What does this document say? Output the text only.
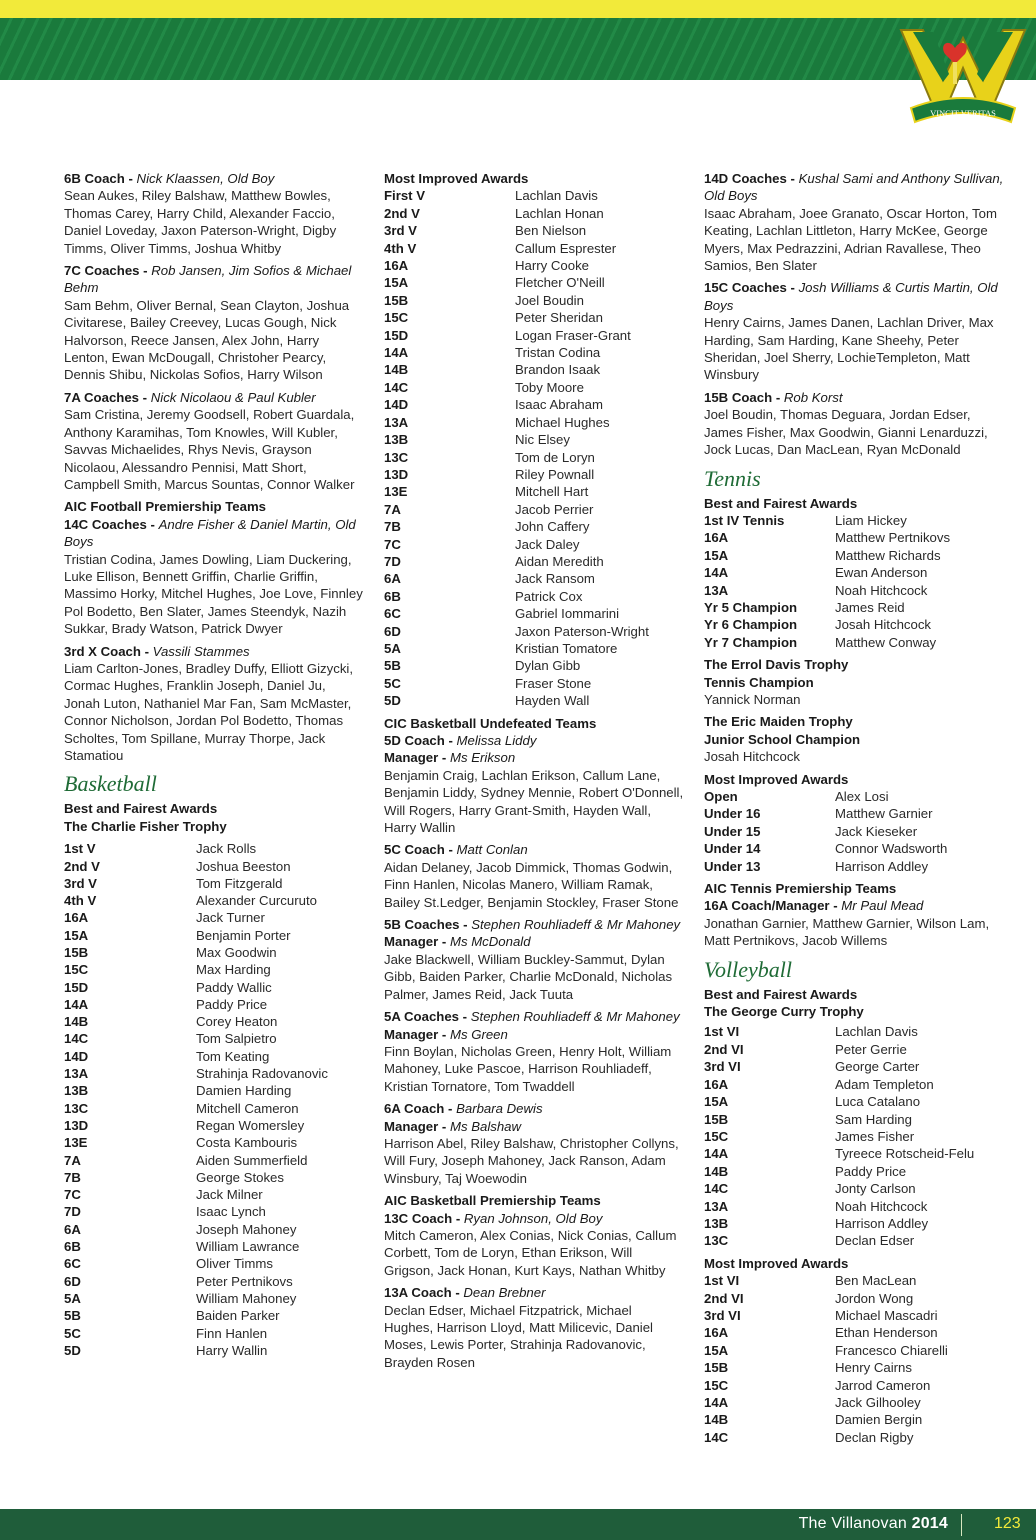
VINCIT VERITAS
6B Coach - Nick Klaassen, Old Boy
Sean Aukes, Riley Balshaw, Matthew Bowles, Thomas Carey, Harry Child, Alexander Faccio, Daniel Loveday, Jaxon Paterson-Wright, Digby Timms, Oliver Timms, Joshua Whitby
7C Coaches - Rob Jansen, Jim Sofios & Michael Behm
Sam Behm, Oliver Bernal, Sean Clayton, Joshua Civitarese, Bailey Creevey, Lucas Gough, Nick Halvorson, Reece Jansen, Alex John, Harry Lenton, Ewan McDougall, Christoher Pearcy, Dennis Shibu, Nickolas Sofios, Harry Wilson
7A Coaches - Nick Nicolaou & Paul Kubler
Sam Cristina, Jeremy Goodsell, Robert Guardala, Anthony Karamihas, Tom Knowles, Will Kubler, Savvas Michaelides, Rhys Nevis, Grayson Nicolaou, Alessandro Pennisi, Matt Short, Campbell Smith, Marcus Sountas, Connor Walker
AIC Football Premiership Teams
14C Coaches - Andre Fisher & Daniel Martin, Old Boys
Tristian Codina, James Dowling, Liam Duckering, Luke Ellison, Bennett Griffin, Charlie Griffin, Massimo Horky, Mitchel Hughes, Joe Love, Finnley Pol Bodetto, Ben Slater, James Steendyk, Nazih Sukkar, Brady Watson, Patrick Dwyer
3rd X Coach - Vassili Stammes
Liam Carlton-Jones, Bradley Duffy, Elliott Gizycki, Cormac Hughes, Franklin Joseph, Daniel Ju, Jonah Luton, Nathaniel Mar Fan, Sam McMaster, Connor Nicholson, Jordan Pol Bodetto, Thomas Scholtes, Tom Spillane, Murray Thorpe, Jack Stamatiou
Basketball
Best and Fairest Awards
The Charlie Fisher Trophy
1st V	Jack Rolls
2nd V	Joshua Beeston
3rd V	Tom Fitzgerald
4th V	Alexander Curcuruto
16A	Jack Turner
15A	Benjamin Porter
15B	Max Goodwin
15C	Max Harding
15D	Paddy Wallic
14A	Paddy Price
14B	Corey Heaton
14C	Tom Salpietro
14D	Tom Keating
13A	Strahinja Radovanovic
13B	Damien Harding
13C	Mitchell Cameron
13D	Regan Womersley
13E	Costa Kambouris
7A	Aiden Summerfield
7B	George Stokes
7C	Jack Milner
7D	Isaac Lynch
6A	Joseph Mahoney
6B	William Lawrance
6C	Oliver Timms
6D	Peter Pertnikovs
5A	William Mahoney
5B	Baiden Parker
5C	Finn Hanlen
5D	Harry Wallin
Most Improved Awards
First V	Lachlan Davis
2nd V	Lachlan Honan
3rd V	Ben Nielson
4th V	Callum Esprester
16A	Harry Cooke
15A	Fletcher O'Neill
15B	Joel Boudin
15C	Peter Sheridan
15D	Logan Fraser-Grant
14A	Tristan Codina
14B	Brandon Isaak
14C	Toby Moore
14D	Isaac Abraham
13A	Michael Hughes
13B	Nic Elsey
13C	Tom de Loryn
13D	Riley Pownall
13E	Mitchell Hart
7A	Jacob Perrier
7B	John Caffery
7C	Jack Daley
7D	Aidan Meredith
6A	Jack Ransom
6B	Patrick Cox
6C	Gabriel Iommarini
6D	Jaxon Paterson-Wright
5A	Kristian Tomatore
5B	Dylan Gibb
5C	Fraser Stone
5D	Hayden Wall
CIC Basketball Undefeated Teams
5D Coach - Melissa Liddy
Manager - Ms Erikson
Benjamin Craig, Lachlan Erikson, Callum Lane, Benjamin Liddy, Sydney Mennie, Robert O'Donnell, Will Rogers, Harry Grant-Smith, Hayden Wall, Harry Wallin
5C Coach - Matt Conlan
Aidan Delaney, Jacob Dimmick, Thomas Godwin, Finn Hanlen, Nicolas Manero, William Ramak, Bailey St.Ledger, Benjamin Stockley, Fraser Stone
5B Coaches - Stephen Rouhliadeff & Mr Mahoney
Manager - Ms McDonald
Jake Blackwell, William Buckley-Sammut, Dylan Gibb, Baiden Parker, Charlie McDonald, Nicholas Palmer, James Reid, Jack Tuuta
5A Coaches - Stephen Rouhliadeff & Mr Mahoney
Manager - Ms Green
Finn Boylan, Nicholas Green, Henry Holt, William Mahoney, Luke Pascoe, Harrison Rouhliadeff, Kristian Tornatore, Tom Twaddell
6A Coach - Barbara Dewis
Manager - Ms Balshaw
Harrison Abel, Riley Balshaw, Christopher Collyns, Will Fury, Joseph Mahoney, Jack Ranson, Adam Winsbury, Taj Woewodin
AIC Basketball Premiership Teams
13C Coach - Ryan Johnson, Old Boy
Mitch Cameron, Alex Conias, Nick Conias, Callum Corbett, Tom de Loryn, Ethan Erikson, Will Grigson, Jack Honan, Kurt Kays, Nathan Whitby
13A Coach - Dean Brebner
Declan Edser, Michael Fitzpatrick, Michael Hughes, Harrison Lloyd, Matt Milicevic, Daniel Moses, Lewis Porter, Strahinja Radovanovic, Brayden Rosen
14D Coaches - Kushal Sami and Anthony Sullivan, Old Boys
Isaac Abraham, Joee Granato, Oscar Horton, Tom Keating, Lachlan Littleton, Harry McKee, George Myers, Max Pedrazzini, Adrian Ravallese, Theo Samios, Ben Slater
15C Coaches - Josh Williams & Curtis Martin, Old Boys
Henry Cairns, James Danen, Lachlan Driver, Max Harding, Sam Harding, Kane Sheehy, Peter Sheridan, Joel Sherry, LochieTempleton, Matt Winsbury
15B Coach - Rob Korst
Joel Boudin, Thomas Deguara, Jordan Edser, James Fisher, Max Goodwin, Gianni Lenarduzzi, Jock Lucas, Dan MacLean, Ryan McDonald
Tennis
Best and Fairest Awards
1st IV Tennis	Liam Hickey
16A	Matthew Pertnikovs
15A	Matthew Richards
14A	Ewan Anderson
13A	Noah Hitchcock
Yr 5 Champion	James Reid
Yr 6 Champion	Josah Hitchcock
Yr 7 Champion	Matthew Conway
The Errol Davis Trophy
Tennis Champion
Yannick Norman
The Eric Maiden Trophy
Junior School Champion
Josah Hitchcock
Most Improved Awards
Open	Alex Losi
Under 16	Matthew Garnier
Under 15	Jack Kieseker
Under 14	Connor Wadsworth
Under 13	Harrison Addley
AIC Tennis Premiership Teams
16A Coach/Manager - Mr Paul Mead
Jonathan Garnier, Matthew Garnier, Wilson Lam, Matt Pertnikovs, Jacob Willems
Volleyball
Best and Fairest Awards
The George Curry Trophy
1st VI	Lachlan Davis
2nd VI	Peter Gerrie
3rd VI	George Carter
16A	Adam Templeton
15A	Luca Catalano
15B	Sam Harding
15C	James Fisher
14A	Tyreece Rotscheid-Felu
14B	Paddy Price
14C	Jonty Carlson
13A	Noah Hitchcock
13B	Harrison Addley
13C	Declan Edser
Most Improved Awards
1st VI	Ben MacLean
2nd VI	Jordon Wong
3rd VI	Michael Mascadri
16A	Ethan Henderson
15A	Francesco Chiarelli
15B	Henry Cairns
15C	Jarrod Cameron
14A	Jack Gilhooley
14B	Damien Bergin
14C	Declan Rigby
The Villanovan 2014	123
